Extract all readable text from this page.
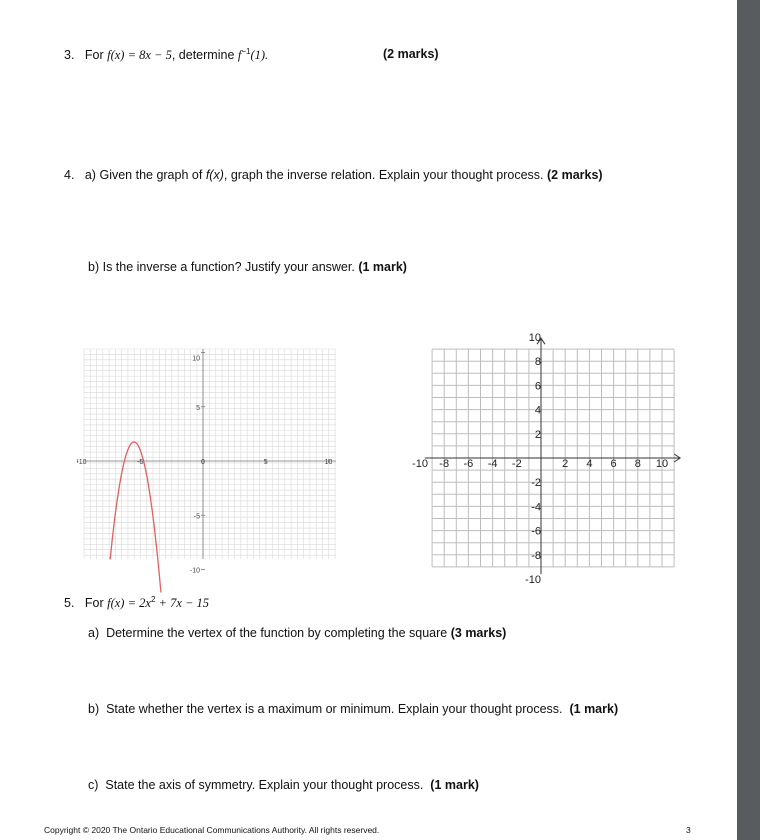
3. For f(x) = 8x − 5, determine $f^{-1}(1)$.	(2 marks)
4. a) Given the graph of f(x), graph the inverse relation. Explain your thought process. (2 marks)
b) Is the inverse a function? Justify your answer. (1 mark)
-10	-5	0	5	10
10
5
-5
-10
-10 -8 -6 -4 -2	2 4 6 8 10
10
8
6
4
2
-2
-4
-6
-8
-10
5. For $f(x) = 2x^2 + 7x - 15$
a) Determine the vertex of the function by completing the square (3 marks)
b) State whether the vertex is a maximum or minimum. Explain your thought process. (1 mark)
c) State the axis of symmetry. Explain your thought process. (1 mark)
Copyright © 2020 The Ontario Educational Communications Authority. All rights reserved.	3
